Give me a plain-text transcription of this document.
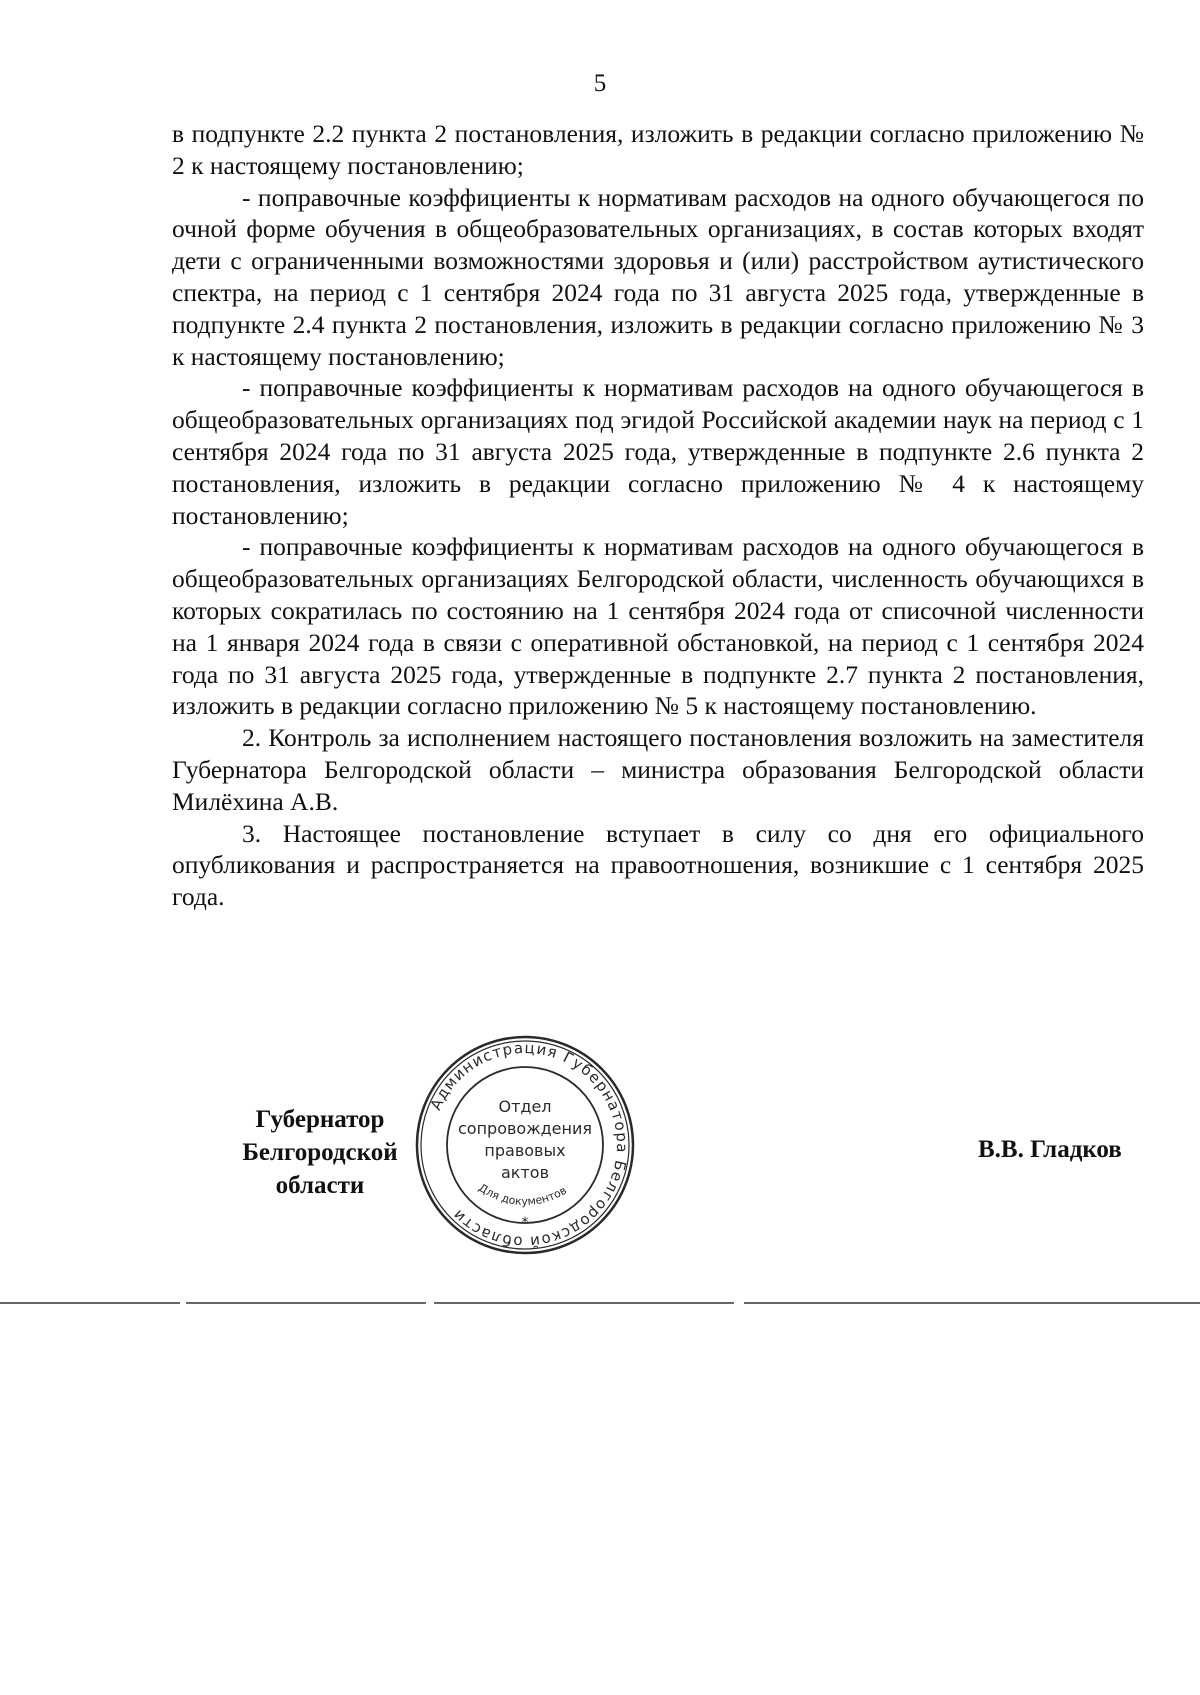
5

в подпункте 2.2 пункта 2 постановления, изложить в редакции согласно приложению № 2 к настоящему постановлению;

- поправочные коэффициенты к нормативам расходов на одного обучающегося по очной форме обучения в общеобразовательных организациях, в состав которых входят дети с ограниченными возможностями здоровья и (или) расстройством аутистического спектра, на период с 1 сентября 2024 года по 31 августа 2025 года, утвержденные в подпункте 2.4 пункта 2 постановления, изложить в редакции согласно приложению № 3 к настоящему постановлению;

- поправочные коэффициенты к нормативам расходов на одного обучающегося в общеобразовательных организациях под эгидой Российской академии наук на период с 1 сентября 2024 года по 31 августа 2025 года, утвержденные в подпункте 2.6 пункта 2 постановления, изложить в редакции согласно приложению № 4 к настоящему постановлению;

- поправочные коэффициенты к нормативам расходов на одного обучающегося в общеобразовательных организациях Белгородской области, численность обучающихся в которых сократилась по состоянию на 1 сентября 2024 года от списочной численности на 1 января 2024 года в связи с оперативной обстановкой, на период с 1 сентября 2024 года по 31 августа 2025 года, утвержденные в подпункте 2.7 пункта 2 постановления, изложить в редакции согласно приложению № 5 к настоящему постановлению.

2. Контроль за исполнением настоящего постановления возложить на заместителя Губернатора Белгородской области – министра образования Белгородской области Милёхина А.В.

3. Настоящее постановление вступает в силу со дня его официального опубликования и распространяется на правоотношения, возникшие с 1 сентября 2025 года.

Администрация Губернатора Белгородской области
Отдел
сопровождения
правовых
актов
Для документов
*
Губернатор
Белгородской области
В.В. Гладков
